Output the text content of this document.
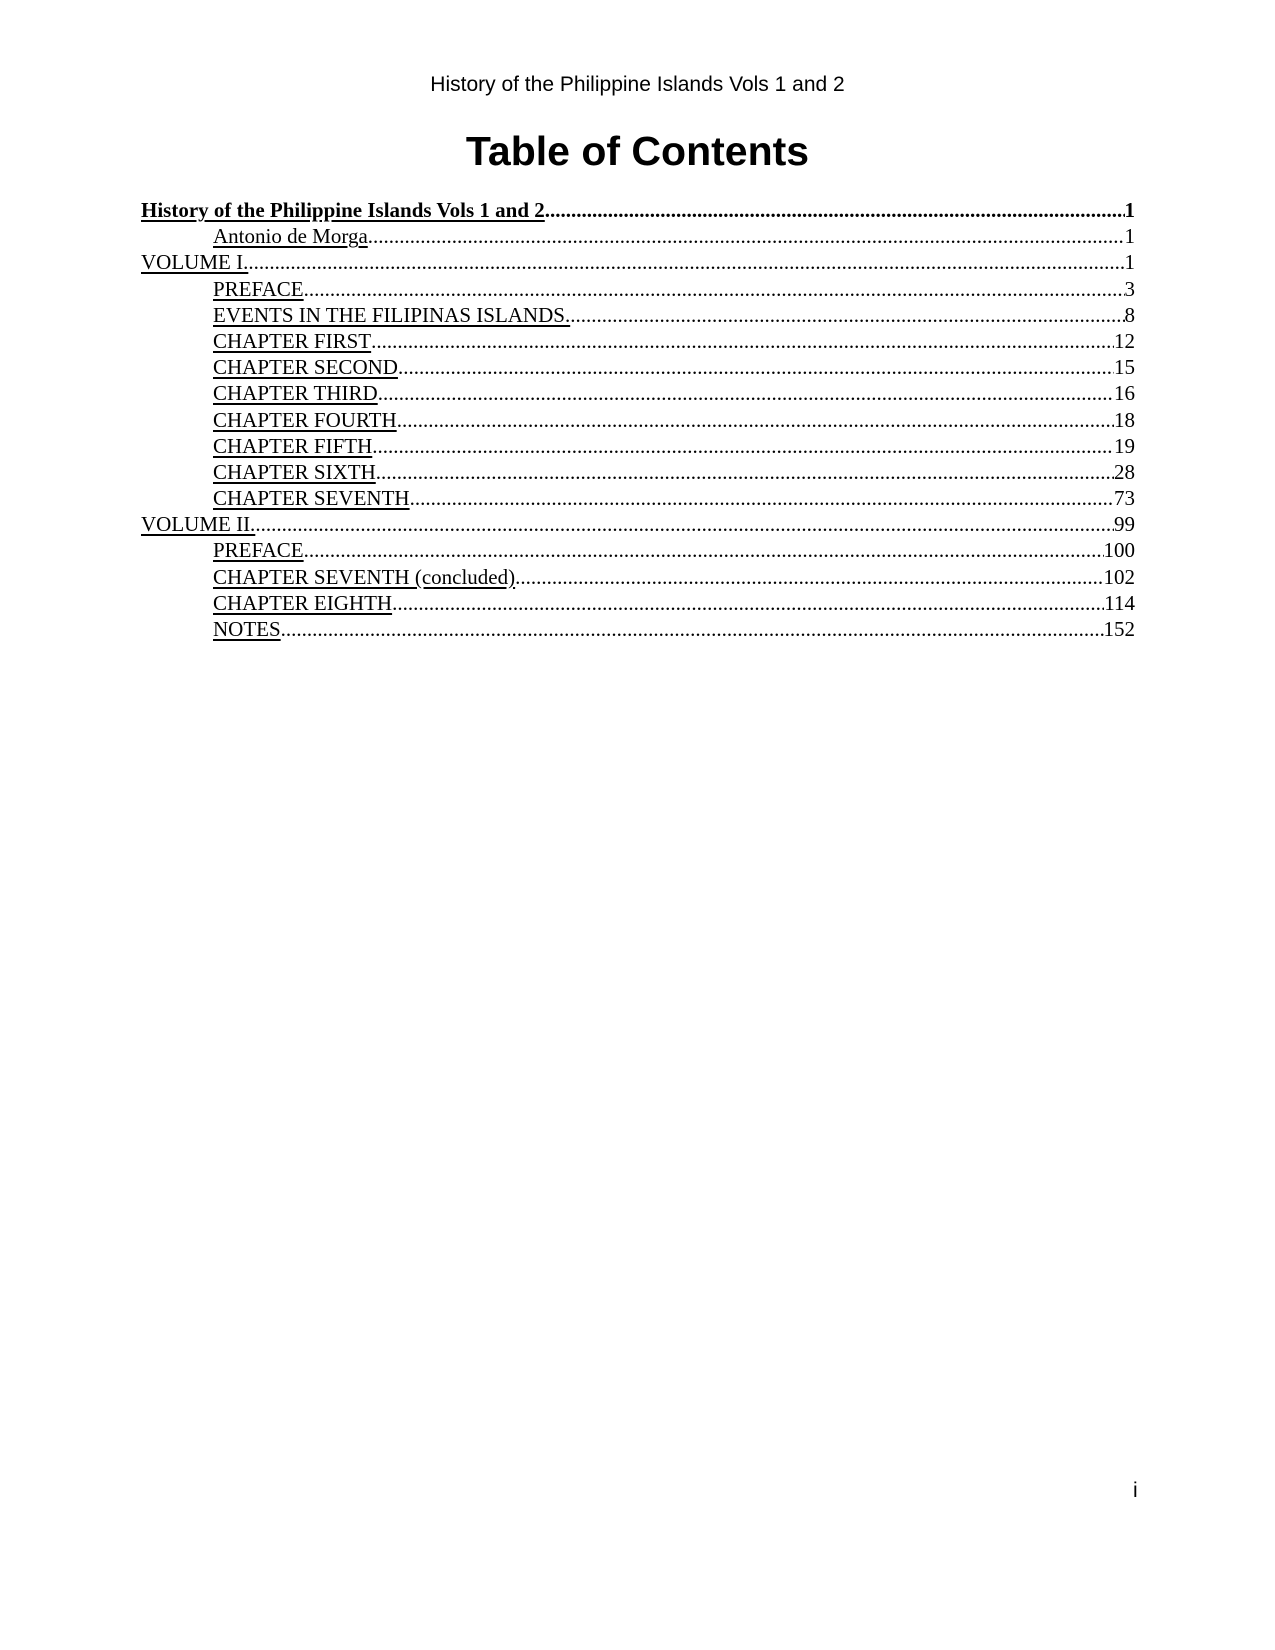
History of the Philippine Islands Vols 1 and 2
Table of Contents
History of the Philippine Islands Vols 1 and 2 .....	1
Antonio de Morga .....	1
VOLUME I. .....	1
PREFACE .....	3
EVENTS IN THE FILIPINAS ISLANDS. .....	8
CHAPTER FIRST .....	12
CHAPTER SECOND .....	15
CHAPTER THIRD .....	16
CHAPTER FOURTH .....	18
CHAPTER FIFTH .....	19
CHAPTER SIXTH .....	28
CHAPTER SEVENTH .....	73
VOLUME II. .....	99
PREFACE .....	100
CHAPTER SEVENTH (concluded) .....	102
CHAPTER EIGHTH .....	114
NOTES .....	152
i
